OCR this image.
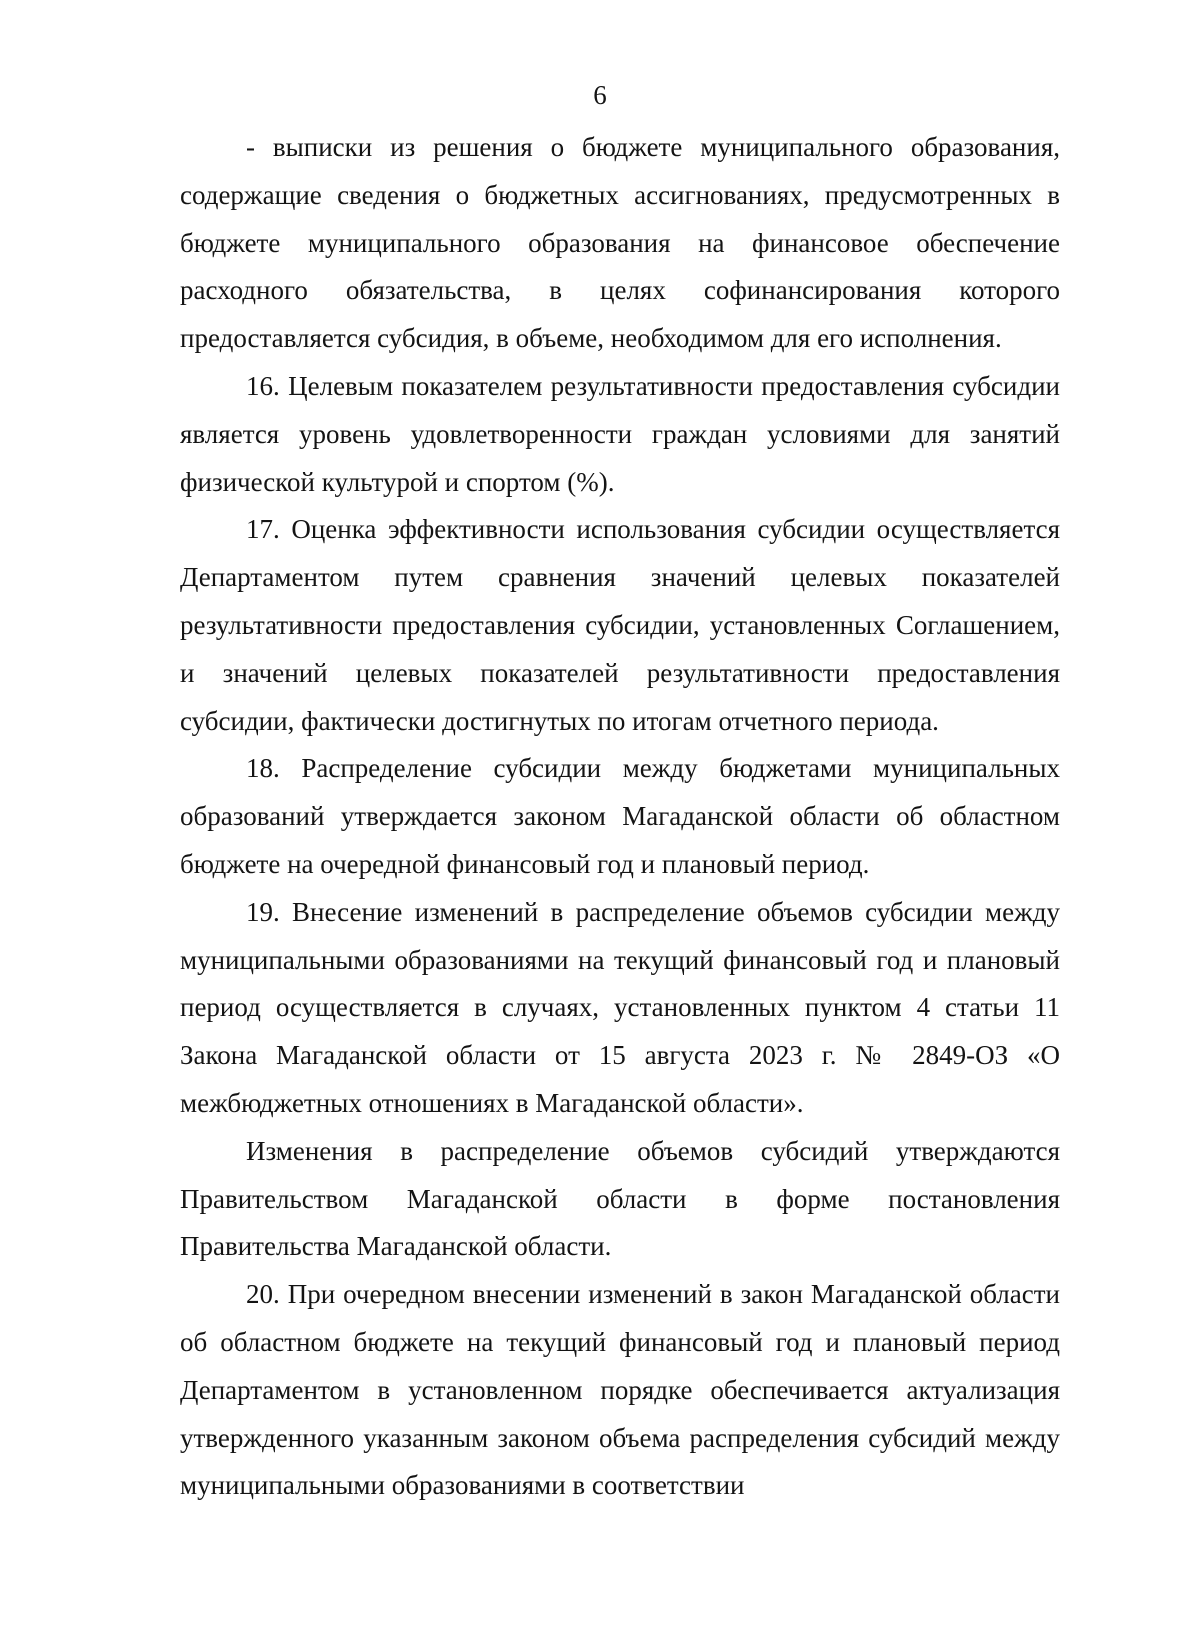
6

- выписки из решения о бюджете муниципального образования, содержащие сведения о бюджетных ассигнованиях, предусмотренных в бюджете муниципального образования на финансовое обеспечение расходного обязательства, в целях софинансирования которого предоставляется субсидия, в объеме, необходимом для его исполнения.

16. Целевым показателем результативности предоставления субсидии является уровень удовлетворенности граждан условиями для занятий физической культурой и спортом (%).

17. Оценка эффективности использования субсидии осуществляется Департаментом путем сравнения значений целевых показателей результативности предоставления субсидии, установленных Соглашением, и значений целевых показателей результативности предоставления субсидии, фактически достигнутых по итогам отчетного периода.

18. Распределение субсидии между бюджетами муниципальных образований утверждается законом Магаданской области об областном бюджете на очередной финансовый год и плановый период.

19. Внесение изменений в распределение объемов субсидии между муниципальными образованиями на текущий финансовый год и плановый период осуществляется в случаях, установленных пунктом 4 статьи 11 Закона Магаданской области от 15 августа 2023 г. № 2849-ОЗ «О межбюджетных отношениях в Магаданской области».

Изменения в распределение объемов субсидий утверждаются Правительством Магаданской области в форме постановления Правительства Магаданской области.

20. При очередном внесении изменений в закон Магаданской области об областном бюджете на текущий финансовый год и плановый период Департаментом в установленном порядке обеспечивается актуализация утвержденного указанным законом объема распределения субсидий между муниципальными образованиями в соответствии
